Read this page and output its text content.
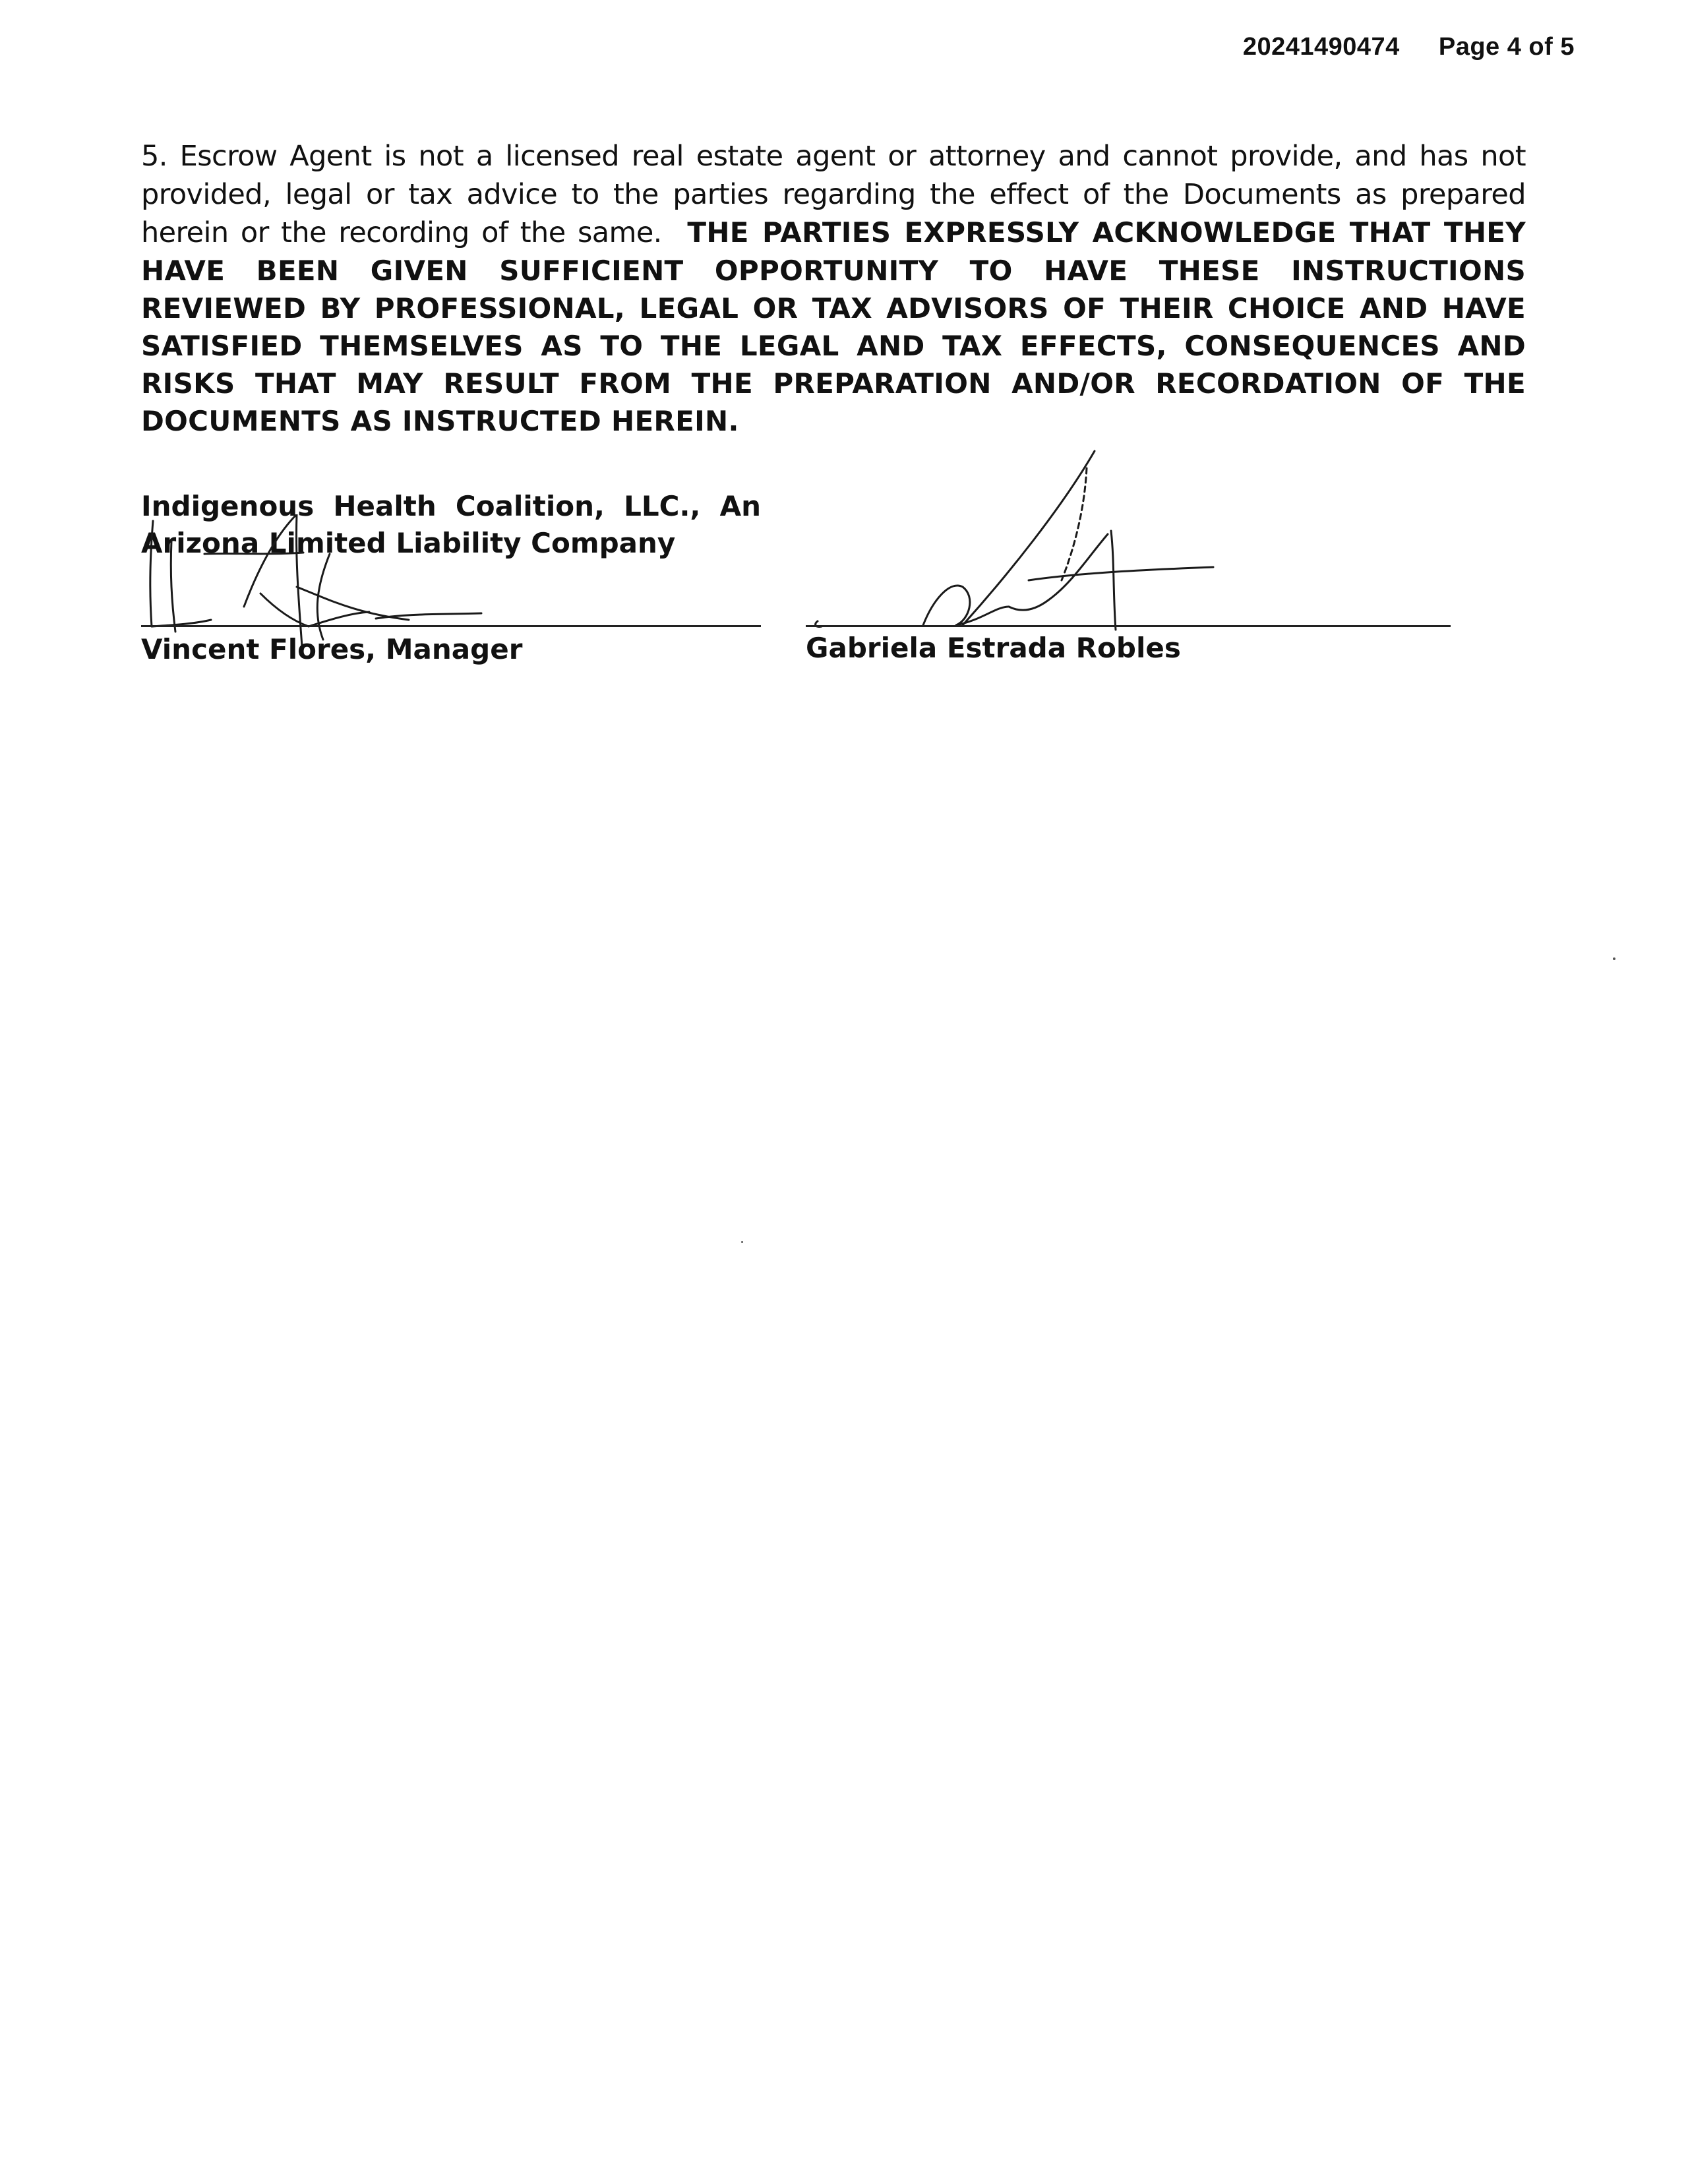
20241490474 Page 4 of 5
5. Escrow Agent is not a licensed real estate agent or attorney and cannot provide, and has not provided, legal or tax advice to the parties regarding the effect of the Documents as prepared herein or the recording of the same. THE PARTIES EXPRESSLY ACKNOWLEDGE THAT THEY HAVE BEEN GIVEN SUFFICIENT OPPORTUNITY TO HAVE THESE INSTRUCTIONS REVIEWED BY PROFESSIONAL, LEGAL OR TAX ADVISORS OF THEIR CHOICE AND HAVE SATISFIED THEMSELVES AS TO THE LEGAL AND TAX EFFECTS, CONSEQUENCES AND RISKS THAT MAY RESULT FROM THE PREPARATION AND/OR RECORDATION OF THE DOCUMENTS AS INSTRUCTED HEREIN.
Indigenous Health Coalition, LLC., An Arizona Limited Liability Company
Vincent Flores, Manager	Gabriela Estrada Robles
